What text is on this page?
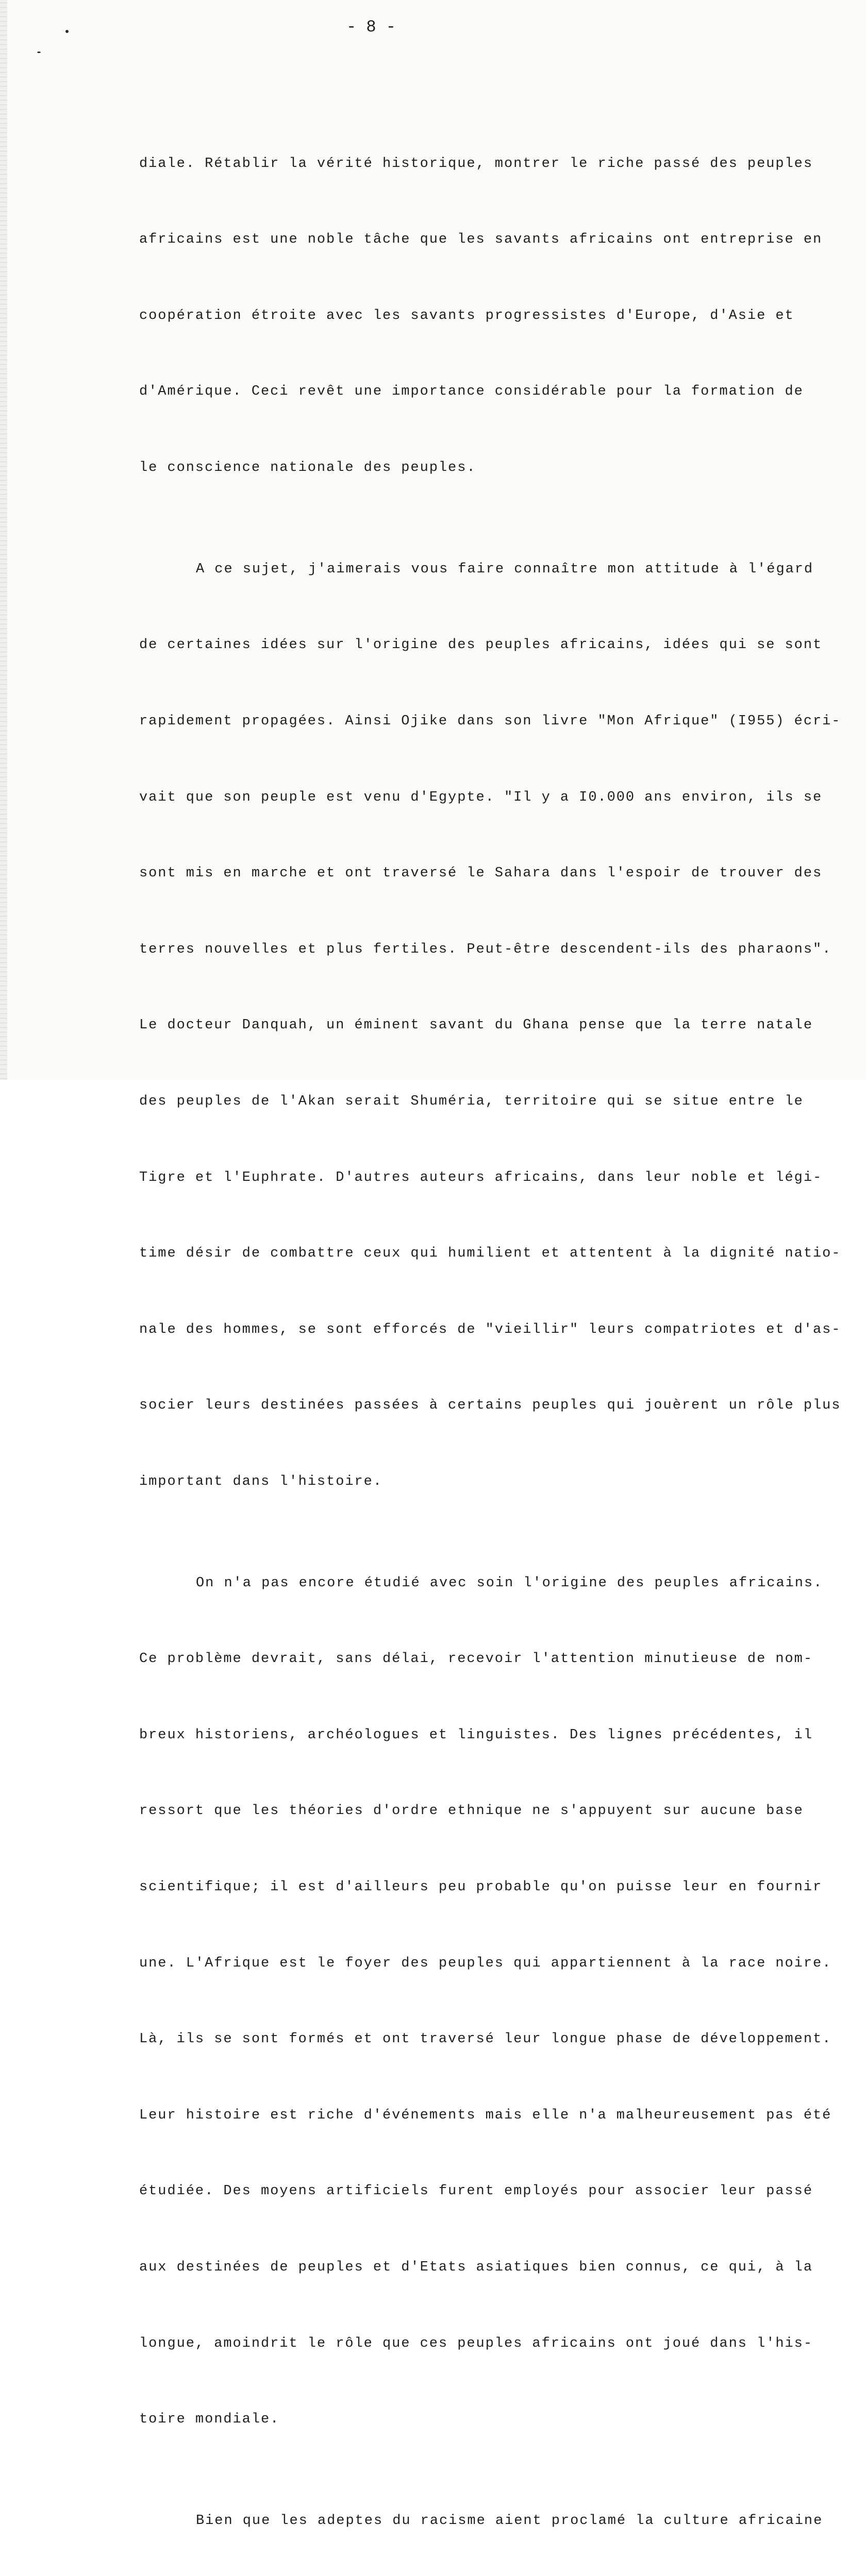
- 8 -

diale. Rétablir la vérité historique, montrer le riche passé des peuples

africains est une noble tâche que les savants africains ont entreprise en

coopération étroite avec les savants progressistes d'Europe, d'Asie et

d'Amérique. Ceci revêt une importance considérable pour la formation de

le conscience nationale des peuples.

A ce sujet, j'aimerais vous faire connaître mon attitude à l'égard

de certaines idées sur l'origine des peuples africains, idées qui se sont

rapidement propagées. Ainsi Ojike dans son livre "Mon Afrique" (I955) écri-

vait que son peuple est venu d'Egypte. "Il y a I0.000 ans environ, ils se

sont mis en marche et ont traversé le Sahara dans l'espoir de trouver des

terres nouvelles et plus fertiles. Peut-être descendent-ils des pharaons".

Le docteur Danquah, un éminent savant du Ghana pense que la terre natale

des peuples de l'Akan serait Shuméria, territoire qui se situe entre le

Tigre et l'Euphrate. D'autres auteurs africains, dans leur noble et légi-

time désir de combattre ceux qui humilient et attentent à la dignité natio-

nale des hommes, se sont efforcés de "vieillir" leurs compatriotes et d'as-

socier leurs destinées passées à certains peuples qui jouèrent un rôle plus

important dans l'histoire.

On n'a pas encore étudié avec soin l'origine des peuples africains.

Ce problème devrait, sans délai, recevoir l'attention minutieuse de nom-

breux historiens, archéologues et linguistes. Des lignes précédentes, il

ressort que les théories d'ordre ethnique ne s'appuyent sur aucune base

scientifique; il est d'ailleurs peu probable qu'on puisse leur en fournir

une. L'Afrique est le foyer des peuples qui appartiennent à la race noire.

Là, ils se sont formés et ont traversé leur longue phase de développement.

Leur histoire est riche d'événements mais elle n'a malheureusement pas été

étudiée. Des moyens artificiels furent employés pour associer leur passé

aux destinées de peuples et d'Etats asiatiques bien connus, ce qui, à la

longue, amoindrit le rôle que ces peuples africains ont joué dans l'his-

toire mondiale.

Bien que les adeptes du racisme aient proclamé la culture africaine
